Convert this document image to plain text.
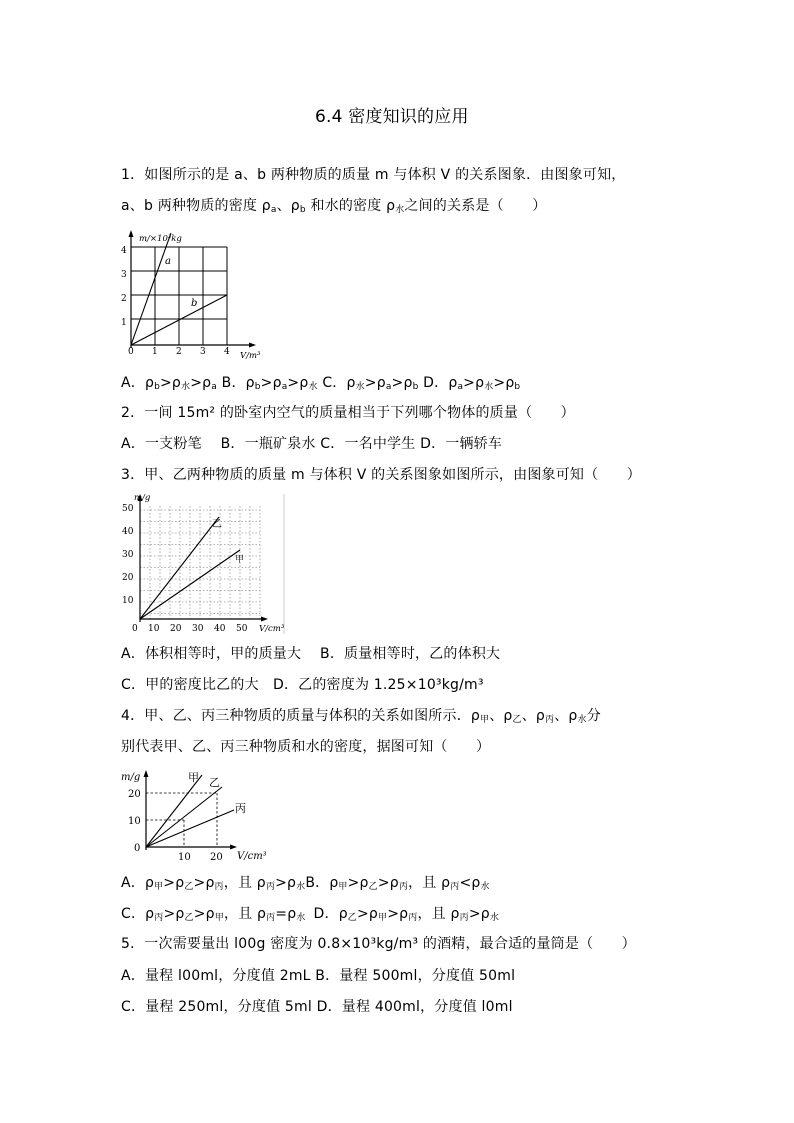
6.4 密度知识的应用
1．如图所示的是 a、b 两种物质的质量 m 与体积 V 的关系图象．由图象可知，
a、b 两种物质的密度 $\rho_a$、$\rho_b$ 和水的密度 $\rho_水$之间的关系是（　　）
a
b
m/×10³kg
V/m³
0 1 2 3 4
1
2
3
4
A．$\rho_b>\rho_水>\rho_a$ B．$\rho_b>\rho_a>\rho_水$ C．$\rho_水>\rho_a>\rho_b$ D．$\rho_a>\rho_水>\rho_b$
2．一间 15m² 的卧室内空气的质量相当于下列哪个物体的质量（　　）
A．一支粉笔　 B．一瓶矿泉水 C．一名中学生 D．一辆轿车
3．甲、乙两种物质的质量 m 与体积 V 的关系图象如图所示，由图象可知（　　）
乙
甲
m/g
V/cm³
0 10 20 30 40 50
10
20
30
40
50
A．体积相等时，甲的质量大　 B．质量相等时，乙的体积大
C．甲的密度比乙的大　D．乙的密度为 1.25×10³kg/m³
4．甲、乙、丙三种物质的质量与体积的关系如图所示．$\rho_甲$、$\rho_乙$、$\rho_丙$、$\rho_水$分
别代表甲、乙、丙三种物质和水的密度，据图可知（　　）
甲 乙
丙
m/g
V/cm³
0
10 20
10
20
A．$\rho_甲>\rho_乙>\rho_丙$，且 $\rho_丙>\rho_水B$．$\rho_甲>\rho_乙>\rho_丙$，且 $\rho_丙<\rho_水$
C．$\rho_丙>\rho_乙>\rho_甲$，且 $\rho_丙=\rho_水$ D．$\rho_乙>\rho_甲>\rho_丙$，且 $\rho_丙>\rho_水$
5．一次需要量出 l00g 密度为 0.8×10³kg/m³ 的酒精，最合适的量筒是（　　）
A．量程 l00ml，分度值 2mL B．量程 500ml，分度值 50ml
C．量程 250ml，分度值 5ml D．量程 400ml，分度值 l0ml
